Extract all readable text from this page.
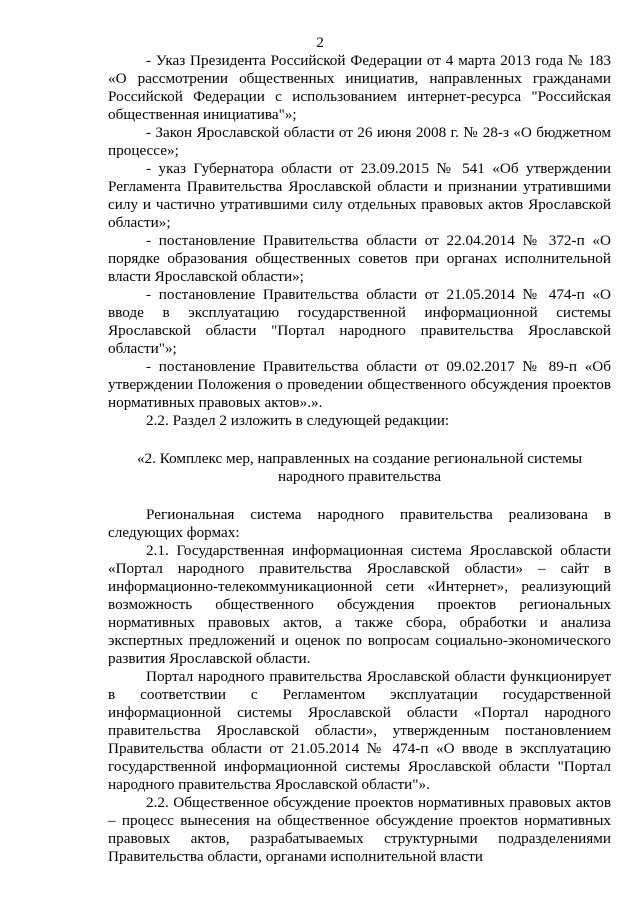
2

- Указ Президента Российской Федерации от 4 марта 2013 года № 183 «О рассмотрении общественных инициатив, направленных гражданами Российской Федерации с использованием интернет-ресурса "Российская общественная инициатива"»;

- Закон Ярославской области от 26 июня 2008 г. № 28-з «О бюджетном процессе»;

- указ Губернатора области от 23.09.2015 № 541 «Об утверждении Регламента Правительства Ярославской области и признании утратившими силу и частично утратившими силу отдельных правовых актов Ярославской области»;

- постановление Правительства области от 22.04.2014 № 372-п «О порядке образования общественных советов при органах исполнительной власти Ярославской области»;

- постановление Правительства области от 21.05.2014 № 474-п «О вводе в эксплуатацию государственной информационной системы Ярославской области "Портал народного правительства Ярославской области"»;

- постановление Правительства области от 09.02.2017 № 89-п «Об утверждении Положения о проведении общественного обсуждения проектов нормативных правовых актов».».

2.2. Раздел 2 изложить в следующей редакции:

«2. Комплекс мер, направленных на создание региональной системы народного правительства

Региональная система народного правительства реализована в следующих формах:

2.1. Государственная информационная система Ярославской области «Портал народного правительства Ярославской области» – сайт в информационно-телекоммуникационной сети «Интернет», реализующий возможность общественного обсуждения проектов региональных нормативных правовых актов, а также сбора, обработки и анализа экспертных предложений и оценок по вопросам социально-экономического развития Ярославской области.

Портал народного правительства Ярославской области функционирует в соответствии с Регламентом эксплуатации государственной информационной системы Ярославской области «Портал народного правительства Ярославской области», утвержденным постановлением Правительства области от 21.05.2014 № 474-п «О вводе в эксплуатацию государственной информационной системы Ярославской области "Портал народного правительства Ярославской области"».

2.2. Общественное обсуждение проектов нормативных правовых актов – процесс вынесения на общественное обсуждение проектов нормативных правовых актов, разрабатываемых структурными подразделениями Правительства области, органами исполнительной власти
